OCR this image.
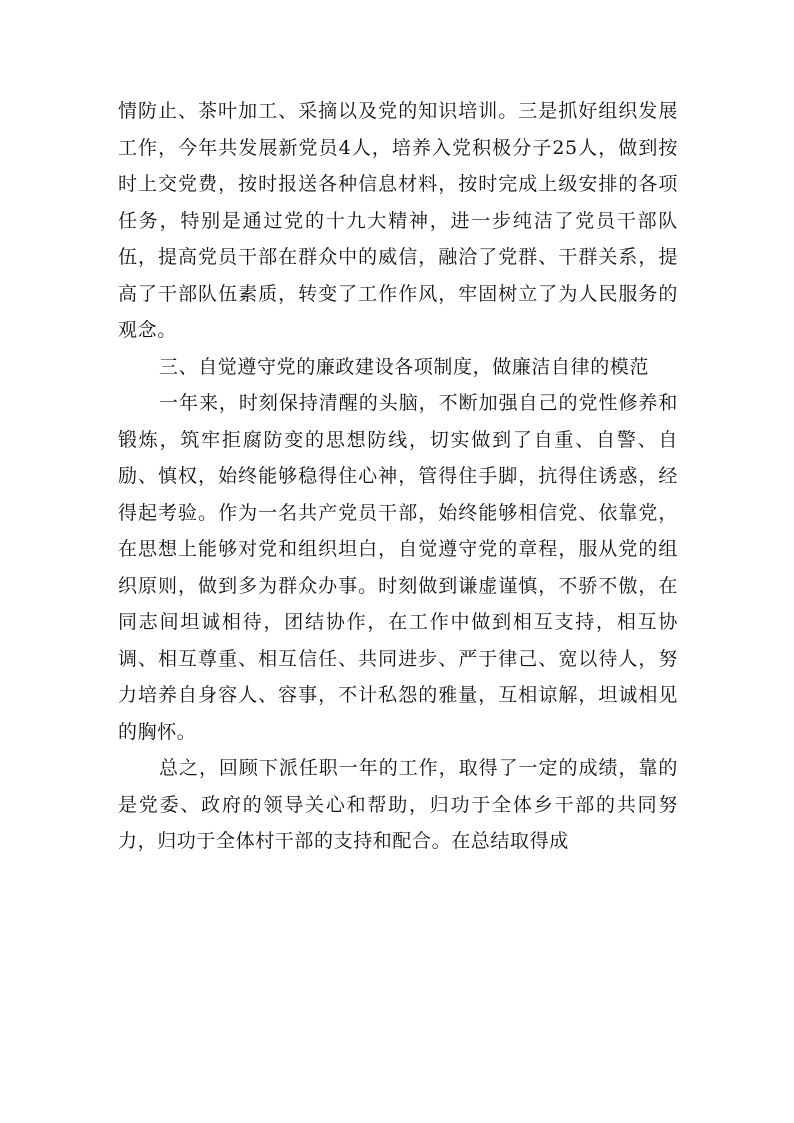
情防止、茶叶加工、采摘以及党的知识培训。三是抓好组织发展工作，今年共发展新党员4人，培养入党积极分子25人，做到按时上交党费，按时报送各种信息材料，按时完成上级安排的各项任务，特别是通过党的十九大精神，进一步纯洁了党员干部队伍，提高党员干部在群众中的威信，融洽了党群、干群关系，提高了干部队伍素质，转变了工作作风，牢固树立了为人民服务的观念。

三、自觉遵守党的廉政建设各项制度，做廉洁自律的模范

一年来，时刻保持清醒的头脑，不断加强自己的党性修养和锻炼，筑牢拒腐防变的思想防线，切实做到了自重、自警、自励、慎权，始终能够稳得住心神，管得住手脚，抗得住诱惑，经得起考验。作为一名共产党员干部，始终能够相信党、依靠党，在思想上能够对党和组织坦白，自觉遵守党的章程，服从党的组织原则，做到多为群众办事。时刻做到谦虚谨慎，不骄不傲，在同志间坦诚相待，团结协作，在工作中做到相互支持，相互协调、相互尊重、相互信任、共同进步、严于律己、宽以待人，努力培养自身容人、容事，不计私怨的雅量，互相谅解，坦诚相见的胸怀。

总之，回顾下派任职一年的工作，取得了一定的成绩，靠的是党委、政府的领导关心和帮助，归功于全体乡干部的共同努力，归功于全体村干部的支持和配合。在总结取得成
